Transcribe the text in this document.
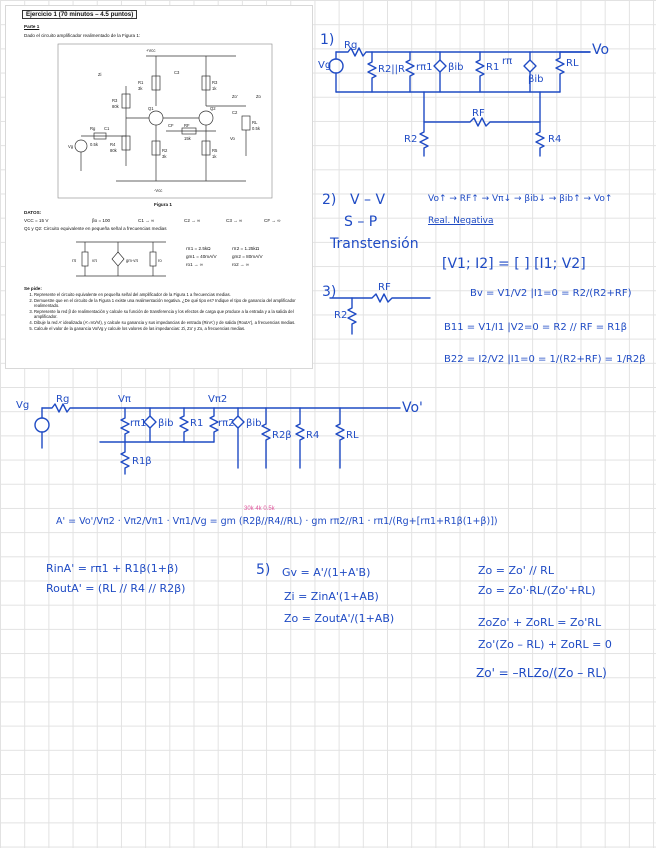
Ejercicio 1 (70 minutos – 4.5 puntos)
Parte 1
Dado el circuito amplificador realimentado de la Figura 1:
+Vcc
R1
3k
R3
1k
C3
R3
80k	Q1	Q2
Zi
Zo'	Zo
Rg C1
0.5k
Vg	R4
80k
CF RF
15k
R2
3k
R5
1k
C2
RL
0.5k
Vo
-Vcc
Figura 1
DATOS:
VCC = 15 V	βo = 100	C1 → ∞	C2 → ∞	C3 → ∞	CF → ∞
Q1 y Q2: Circuito equivalente en pequeña señal a frecuencias medias
rπ	vπ	gm·vπ	ro
rπ1 = 2.5kΩ	rπ2 = 1.25kΩ
gm1 = 40mA/V	gm2 = 80mA/V
ro1 → ∞	ro2 → ∞
Se pide:
1. Represente el circuito equivalente en pequeña señal del amplificador de la Figura 1 a frecuencias medias.
2. Demuestre que en el circuito de la Figura 1 existe una realimentación negativa. ¿De qué tipo es? Indique el tipo de ganancia del amplificador realimentado.
3. Represente la red β de realimentación y calcule su función de transferencia y los efectos de carga que produce a la entrada y a la salida del amplificador.
4. Dibuje la red A' idealizada (A'=Vo/Vi), y calcule su ganancia y sus impedancias de entrada (RinA') y de salida (RoutA'), a frecuencias medias.
5. Calcule el valor de la ganancia Vo/Vg y calcule los valores de las impedancias: Zi, Zo' y Zo, a frecuencias medias.
1) Rg
Vg	R2||R rπ1 βib R1
rπ
βib
RL
Vo
RF
R2	R4
2) V – V
S – P
Vo↑ → RF↑ → Vπ↓ → βib↓ → βib↑ → Vo↑
Real. Negativa
Transtensión
[V1; I2] = [ ] [I1; V2]
3)	RF
R2
Bv = V1/V2 |I1=0 = R2/(R2+RF)
B11 = V1/I1 |V2=0 = R2 // RF = R1β
B22 = I2/V2 |I1=0 = 1/(R2+RF) = 1/R2β
Rg
Vg
rπ1 βib R1 rπ2 βib
R2β R4	RL
Vo'
R1β
Vπ	Vπ2
30k 4k 0.5k
A' = Vo'/Vπ2 · Vπ2/Vπ1 · Vπ1/Vg = gm (R2β//R4//RL) · gm rπ2//R1 · rπ1/(Rg+[rπ1+R1β(1+β)])
RinA' = rπ1 + R1β(1+β)
RoutA' = (RL // R4 // R2β)
5) Gv = A'/(1+A'B)
Zi = ZinA'(1+AB)
Zo = ZoutA'/(1+AB)
Zo = Zo' // RL
Zo = Zo'·RL/(Zo'+RL)
ZoZo' + ZoRL = Zo'RL
Zo'(Zo – RL) + ZoRL = 0
Zo' = –RLZo/(Zo – RL)
